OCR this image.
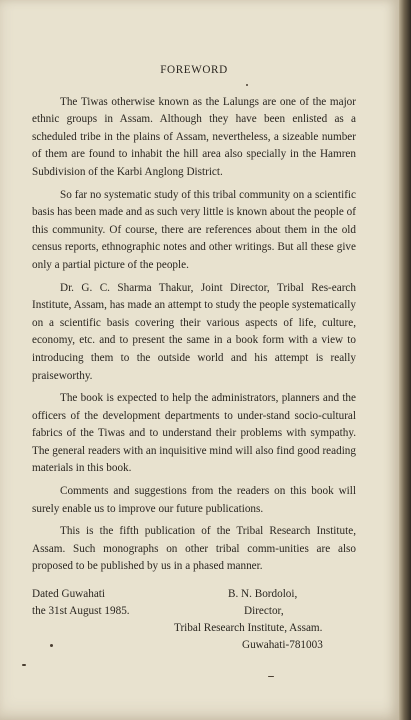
FOREWORD

The Tiwas otherwise known as the Lalungs are one of the major ethnic groups in Assam. Although they have been enlisted as a scheduled tribe in the plains of Assam, nevertheless, a sizeable number of them are found to inhabit the hill area also specially in the Hamren Subdivision of the Karbi Anglong District.

So far no systematic study of this tribal community on a scientific basis has been made and as such very little is known about the people of this community. Of course, there are references about them in the old census reports, ethnographic notes and other writings. But all these give only a partial picture of the people.

Dr. G. C. Sharma Thakur, Joint Director, Tribal Res-earch Institute, Assam, has made an attempt to study the people systematically on a scientific basis covering their various aspects of life, culture, economy, etc. and to present the same in a book form with a view to introducing them to the outside world and his attempt is really praiseworthy.

The book is expected to help the administrators, planners and the officers of the development departments to under-stand socio-cultural fabrics of the Tiwas and to understand their problems with sympathy. The general readers with an inquisitive mind will also find good reading materials in this book.

Comments and suggestions from the readers on this book will surely enable us to improve our future publications.

This is the fifth publication of the Tribal Research Institute, Assam. Such monographs on other tribal comm-unities are also proposed to be published by us in a phased manner.

Dated Guwahati
the 31st August 1985.
B. N. Bordoloi,
Director,
Tribal Research Institute, Assam.
Guwahati-781003
